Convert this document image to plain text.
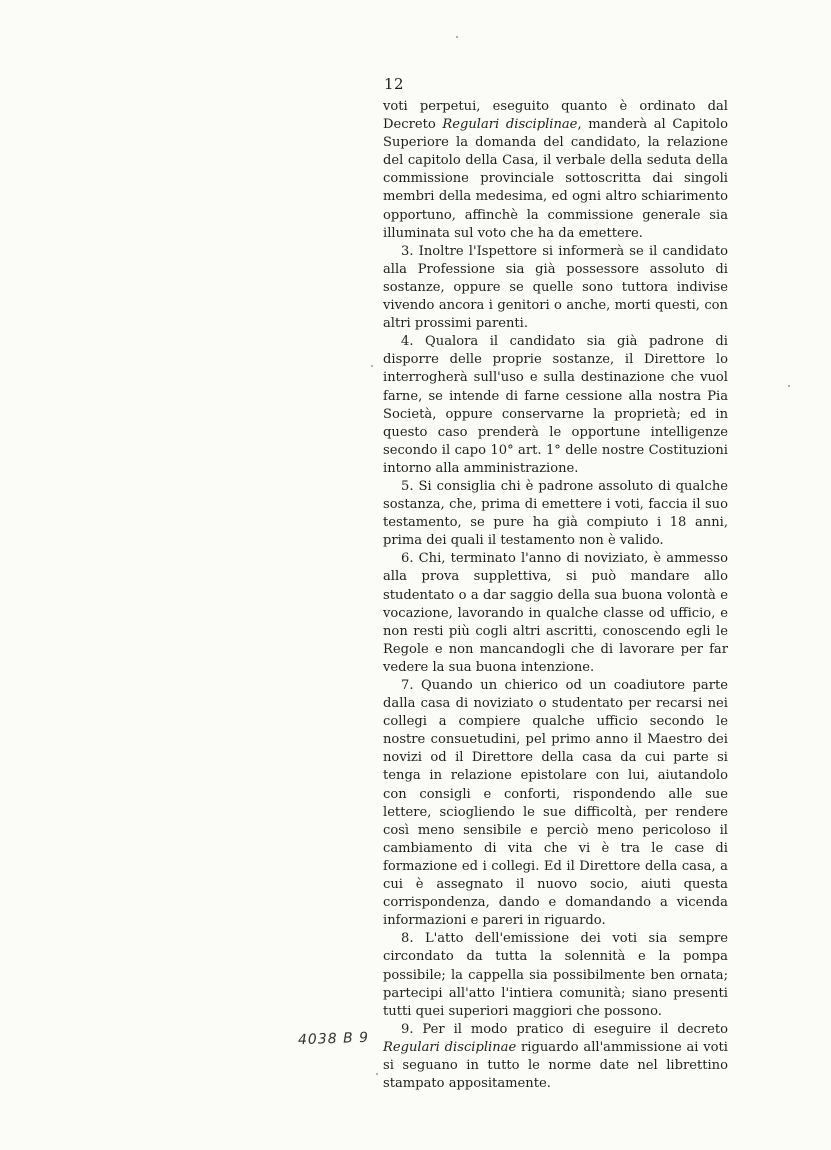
12

voti perpetui, eseguito quanto è ordinato dal Decreto Regulari disciplinae, manderà al Capitolo Superiore la domanda del candidato, la relazione del capitolo della Casa, il verbale della seduta della commissione provinciale sottoscritta dai singoli membri della medesima, ed ogni altro schiarimento opportuno, affinchè la commissione generale sia illuminata sul voto che ha da emettere.

3. Inoltre l'Ispettore si informerà se il candidato alla Professione sia già possessore assoluto di sostanze, oppure se quelle sono tuttora indivise vivendo ancora i genitori o anche, morti questi, con altri prossimi parenti.

4. Qualora il candidato sia già padrone di disporre delle proprie sostanze, il Direttore lo interrogherà sull'uso e sulla destinazione che vuol farne, se intende di farne cessione alla nostra Pia Società, oppure conservarne la proprietà; ed in questo caso prenderà le opportune intelligenze secondo il capo 10° art. 1° delle nostre Costituzioni intorno alla amministrazione.

5. Si consiglia chi è padrone assoluto di qualche sostanza, che, prima di emettere i voti, faccia il suo testamento, se pure ha già compiuto i 18 anni, prima dei quali il testamento non è valido.

6. Chi, terminato l'anno di noviziato, è ammesso alla prova supplettiva, si può mandare allo studentato o a dar saggio della sua buona volontà e vocazione, lavorando in qualche classe od ufficio, e non resti più cogli altri ascritti, conoscendo egli le Regole e non mancandogli che di lavorare per far vedere la sua buona intenzione.

7. Quando un chierico od un coadiutore parte dalla casa di noviziato o studentato per recarsi nei collegi a compiere qualche ufficio secondo le nostre consuetudini, pel primo anno il Maestro dei novizi od il Direttore della casa da cui parte si tenga in relazione epistolare con lui, aiutandolo con consigli e conforti, rispondendo alle sue lettere, sciogliendo le sue difficoltà, per rendere così meno sensibile e perciò meno pericoloso il cambiamento di vita che vi è tra le case di formazione ed i collegi. Ed il Direttore della casa, a cui è assegnato il nuovo socio, aiuti questa corrispondenza, dando e domandando a vicenda informazioni e pareri in riguardo.

8. L'atto dell'emissione dei voti sia sempre circondato da tutta la solennità e la pompa possibile; la cappella sia possibilmente ben ornata; partecipi all'atto l'intiera comunità; siano presenti tutti quei superiori maggiori che possono.

9. Per il modo pratico di eseguire il decreto Regulari disciplinae riguardo all'ammissione ai voti si seguano in tutto le norme date nel librettino stampato appositamente.

4038 B 9
